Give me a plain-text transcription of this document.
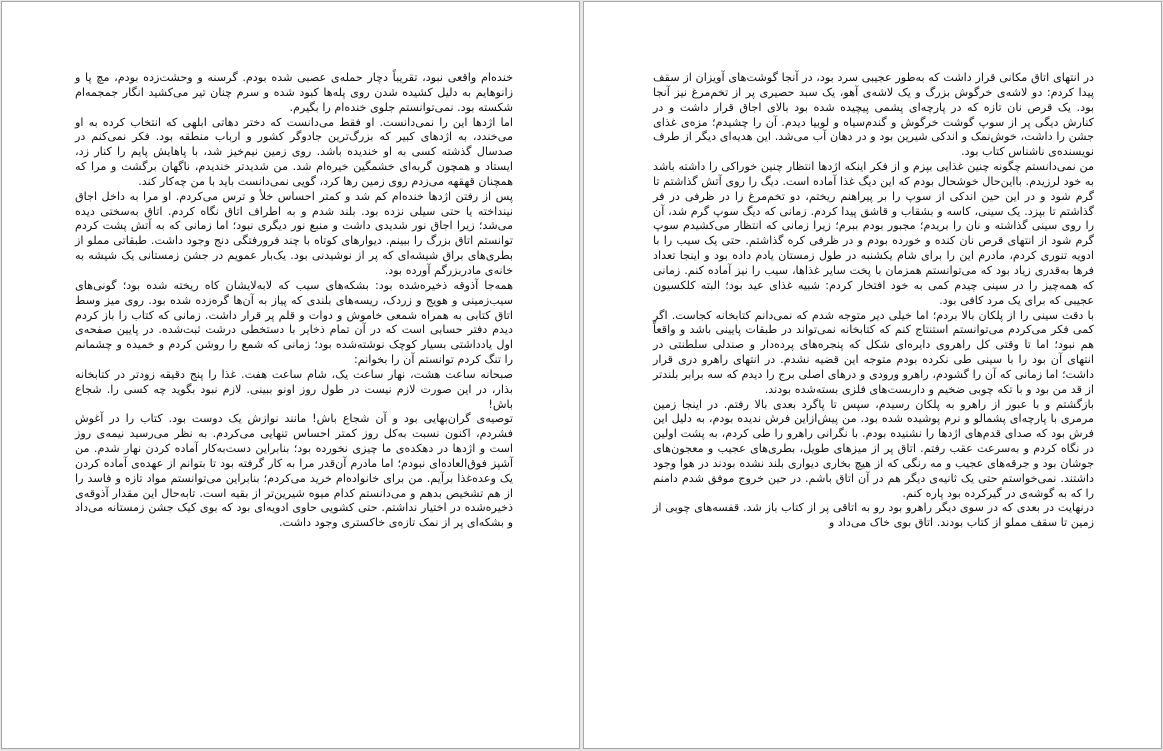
خنده‌ام واقعی نبود، تقریباً دچار حمله‌ی عصبی شده بودم. گرسنه و وحشت‌زده بودم، مچ پا و زانوهایم به دلیل کشیده شدن روی پله‌ها کبود شده و سرم چنان تیر می‌کشید انگار جمجمه‌ام شکسته بود. نمی‌توانستم جلوی خنده‌ام را بگیرم.

اما اژدها این را نمی‌دانست. او فقط می‌دانست که دختر دهاتی ابلهی که انتخاب کرده به او می‌خندد، به اژدهای کبیر که بزرگ‌ترین جادوگر کشور و ارباب منطقه بود. فکر نمی‌کنم در صدسال گذشته کسی به او خندیده باشد. روی زمین نیم‌خیز شد، با پاهایش پایم را کنار زد، ایستاد و همچون گربه‌ای خشمگین خیره‌ام شد. من شدیدتر خندیدم، ناگهان برگشت و مرا که همچنان قهقهه می‌زدم روی زمین رها کرد، گویی نمی‌دانست باید با من چه‌کار کند.

پس از رفتن اژدها خنده‌ام کم شد و کمتر احساس خلأ و ترس می‌کردم. او مرا به داخل اجاق نینداخته یا حتی سیلی نزده بود. بلند شدم و به اطراف اتاق نگاه کردم. اتاق به‌سختی دیده می‌شد؛ زیرا اجاق نور شدیدی داشت و منبع نور دیگری نبود؛ اما زمانی که به آتش پشت کردم توانستم اتاق بزرگ را ببینم. دیوارهای کوتاه با چند فرورفتگی دنج وجود داشت. طبقاتی مملو از بطری‌های براق شیشه‌ای که پر از نوشیدنی بود. یک‌بار عمویم در جشن زمستانی یک شیشه به خانه‌ی مادربزرگم آورده بود.

همه‌جا آذوقه ذخیره‌شده بود: بشکه‌های سیب که لابه‌لایشان کاه ریخته شده بود؛ گونی‌های سیب‌زمینی و هویج و زردک، ریسه‌های بلندی که پیاز به آن‌ها گره‌زده شده بود. روی میز وسط اتاق کتابی به همراه شمعی خاموش و دوات و قلم پر قرار داشت. زمانی که کتاب را باز کردم دیدم دفتر حسابی است که در آن تمام ذخایر با دستخطی درشت ثبت‌شده. در پایین صفحه‌ی اول یادداشتی بسیار کوچک نوشته‌شده بود؛ زمانی که شمع را روشن کردم و خمیده و چشمانم را تنگ کردم توانستم آن را بخوانم:

صبحانه ساعت هشت، نهار ساعت یک، شام ساعت هفت. غذا را پنج دقیقه زودتر در کتابخانه بذار، در این صورت لازم نیست در طول روز اونو ببینی. لازم نبود بگوید چه کسی را. شجاع باش!

توصیه‌ی گران‌بهایی بود و آن شجاع باش! مانند نوازش یک دوست بود. کتاب را در آغوش فشردم، اکنون نسبت به‌کل روز کمتر احساس تنهایی می‌کردم. به نظر می‌رسید نیمه‌ی روز است و اژدها در دهکده‌ی ما چیزی نخورده بود؛ بنابراین دست‌به‌کار آماده کردن نهار شدم. من آشپز فوق‌العاده‌ای نبودم؛ اما مادرم آن‌قدر مرا به کار گرفته بود تا بتوانم از عهده‌ی آماده کردن یک وعده‌غذا برآیم. من برای خانواده‌ام خرید می‌کردم؛ بنابراین می‌توانستم مواد تازه و فاسد را از هم تشخیص بدهم و می‌دانستم کدام میوه شیرین‌تر از بقیه است. تابه‌حال این مقدار آذوقه‌ی ذخیره‌شده در اختیار نداشتم. حتی کشویی حاوی ادویه‌ای بود که بوی کیک جشن زمستانه می‌داد و بشکه‌ای پر از نمک تازه‌ی خاکستری وجود داشت.

در انتهای اتاق مکانی قرار داشت که به‌طور عجیبی سرد بود، در آنجا گوشت‌های آویزان از سقف پیدا کردم: دو لاشه‌ی خرگوش بزرگ و یک لاشه‌ی آهو، یک سبد حصیری پر از تخم‌مرغ نیز آنجا بود. یک قرص نان تازه که در پارچه‌ای پشمی پیچیده شده بود بالای اجاق قرار داشت و در کنارش دیگی پر از سوپ گوشت خرگوش و گندم‌سیاه و لوبیا دیدم. آن را چشیدم؛ مزه‌ی غذای جشن را داشت، خوش‌نمک و اندکی شیرین بود و در دهان آب می‌شد. این هدیه‌ای دیگر از طرف نویسنده‌ی ناشناس کتاب بود.

من نمی‌دانستم چگونه چنین غذایی بپزم و از فکر اینکه اژدها انتظار چنین خوراکی را داشته باشد به خود لرزیدم. بااین‌حال خوشحال بودم که این دیگ غذا آماده است. دیگ را روی آتش گذاشتم تا گرم شود و در این حین اندکی از سوپ را بر پیراهنم ریختم، دو تخم‌مرغ را در ظرفی در فر گذاشتم تا بپزد. یک سینی، کاسه و بشقاب و قاشق پیدا کردم. زمانی که دیگ سوپ گرم شد، آن را روی سینی گذاشته و نان را بریدم؛ مجبور بودم ببرم؛ زیرا زمانی که انتظار می‌کشیدم سوپ گرم شود از انتهای قرص نان کنده و خورده بودم و در ظرفی کره گذاشتم. حتی یک سیب را با ادویه تنوری کردم، مادرم این را برای شام یکشنبه در طول زمستان یادم داده بود و اینجا تعداد فرها به‌قدری زیاد بود که می‌توانستم همزمان با پخت سایر غذاها، سیب را نیز آماده کنم. زمانی که همه‌چیز را در سینی چیدم کمی به خود افتخار کردم: شبیه غذای عید بود؛ البته کلکسیون عجیبی که برای یک مرد کافی بود.

با دقت سینی را از پلکان بالا بردم؛ اما خیلی دیر متوجه شدم که نمی‌دانم کتابخانه کجاست. اگر کمی فکر می‌کردم می‌توانستم استنتاج کنم که کتابخانه نمی‌تواند در طبقات پایینی باشد و واقعاً هم نبود؛ اما تا وقتی کل راهروی دایره‌ای شکل که پنجره‌های پرده‌دار و صندلی سلطنتی در انتهای آن بود را با سینی طی نکرده بودم متوجه این قضیه نشدم. در انتهای راهرو دری قرار داشت؛ اما زمانی که آن را گشودم، راهرو ورودی و درهای اصلی برج را دیدم که سه برابر بلندتر از قد من بود و با تکه چوبی ضخیم و داربست‌های فلزی بسته‌شده بودند.

بازگشتم و با عبور از راهرو به پلکان رسیدم، سپس تا پاگرد بعدی بالا رفتم. در اینجا زمین مرمری با پارچه‌ای پشمالو و نرم پوشیده شده بود. من پیش‌ازاین فرش ندیده بودم، به دلیل این فرش بود که صدای قدم‌های اژدها را نشنیده بودم. با نگرانی راهرو را طی کردم، به پشت اولین در نگاه کردم و به‌سرعت عقب رفتم. اتاق پر از میزهای طویل، بطری‌های عجیب و معجون‌های جوشان بود و جرقه‌های عجیب و مه رنگی که از هیچ بخاری دیواری بلند نشده بودند در هوا وجود داشتند. نمی‌خواستم حتی یک ثانیه‌ی دیگر هم در آن اتاق باشم. در حین خروج موفق شدم دامنم را که به گوشه‌ی در گیرکرده بود پاره کنم.

درنهایت در بعدی که در سوی دیگر راهرو بود رو به اتاقی پر از کتاب باز شد. قفسه‌های چوبی از زمین تا سقف مملو از کتاب بودند. اتاق بوی خاک می‌داد و
